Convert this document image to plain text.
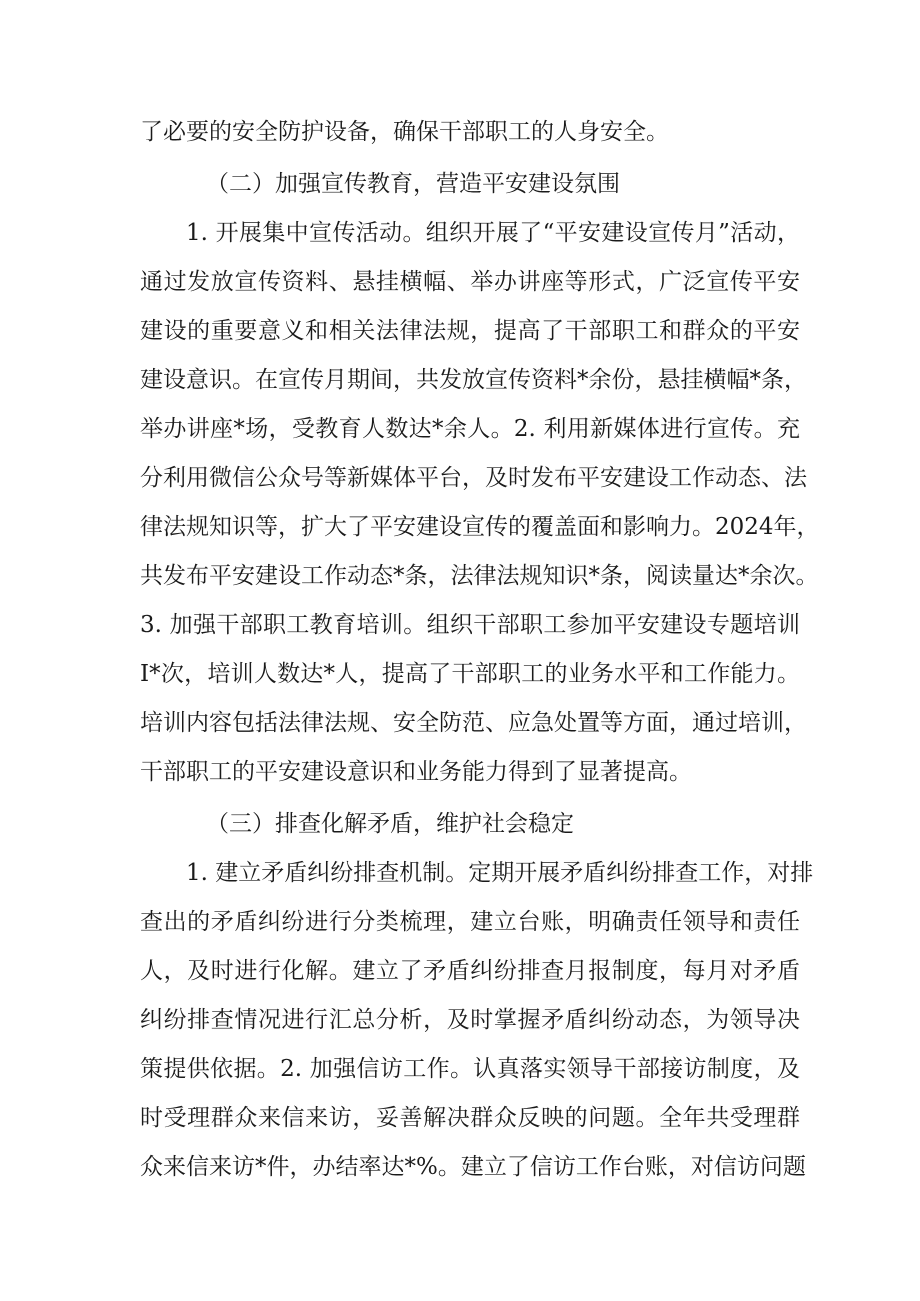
了必要的安全防护设备，确保干部职工的人身安全。
（二）加强宣传教育，营造平安建设氛围
1. 开展集中宣传活动。组织开展了“平安建设宣传月”活动，
通过发放宣传资料、悬挂横幅、举办讲座等形式，广泛宣传平安
建设的重要意义和相关法律法规，提高了干部职工和群众的平安
建设意识。在宣传月期间，共发放宣传资料*余份，悬挂横幅*条，
举办讲座*场，受教育人数达*余人。2. 利用新媒体进行宣传。充
分利用微信公众号等新媒体平台，及时发布平安建设工作动态、法
律法规知识等，扩大了平安建设宣传的覆盖面和影响力。2024年，
共发布平安建设工作动态*条，法律法规知识*条，阅读量达*余次。
3. 加强干部职工教育培训。组织干部职工参加平安建设专题培训
I*次，培训人数达*人，提高了干部职工的业务水平和工作能力。
培训内容包括法律法规、安全防范、应急处置等方面，通过培训，
干部职工的平安建设意识和业务能力得到了显著提高。
（三）排查化解矛盾，维护社会稳定
1. 建立矛盾纠纷排查机制。定期开展矛盾纠纷排查工作，对排
查出的矛盾纠纷进行分类梳理，建立台账，明确责任领导和责任
人，及时进行化解。建立了矛盾纠纷排查月报制度，每月对矛盾
纠纷排查情况进行汇总分析，及时掌握矛盾纠纷动态，为领导决
策提供依据。2. 加强信访工作。认真落实领导干部接访制度，及
时受理群众来信来访，妥善解决群众反映的问题。全年共受理群
众来信来访*件，办结率达*%。建立了信访工作台账，对信访问题
